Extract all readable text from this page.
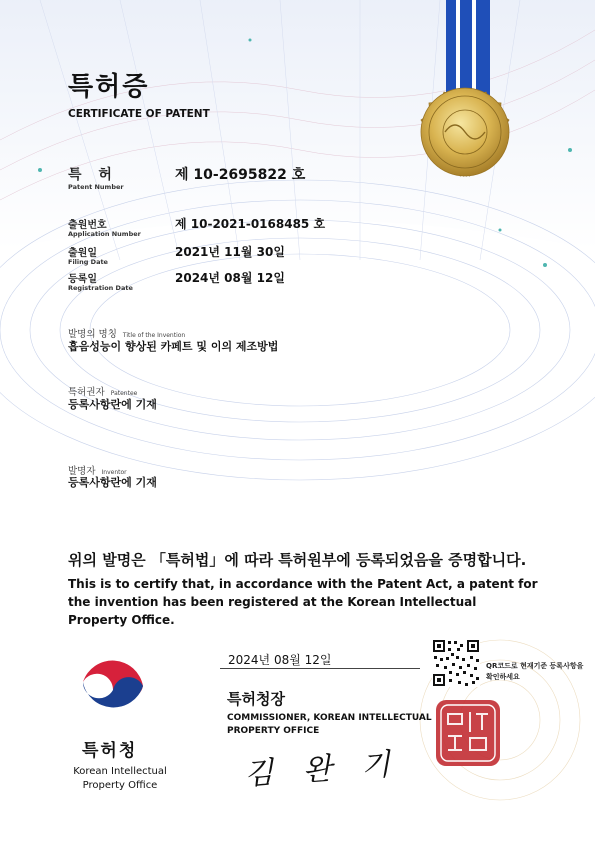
· · · ·
특허증
CERTIFICATE OF PATENT
특 허
Patent Number
제 10-2695822 호
출원번호
Application Number
제 10-2021-0168485 호
출원일
Filing Date
2021년 11월 30일
등록일
Registration Date
2024년 08월 12일
발명의 명칭 Title of the Invention
흡음성능이 향상된 카페트 및 이의 제조방법
특허권자 Patentee
등록사항란에 기재
발명자 Inventor
등록사항란에 기재
위의 발명은 「특허법」에 따라 특허원부에 등록되었음을 증명합니다.
This is to certify that, in accordance with the Patent Act, a patent for the invention has been registered at the Korean Intellectual Property Office.
2024년 08월 12일	QR코드로 현재기준 등록사항을 확인하세요
특허청장
COMMISSIONER, KOREAN INTELLECTUAL PROPERTY OFFICE
김 완 기
특허청
Korean Intellectual Property Office
